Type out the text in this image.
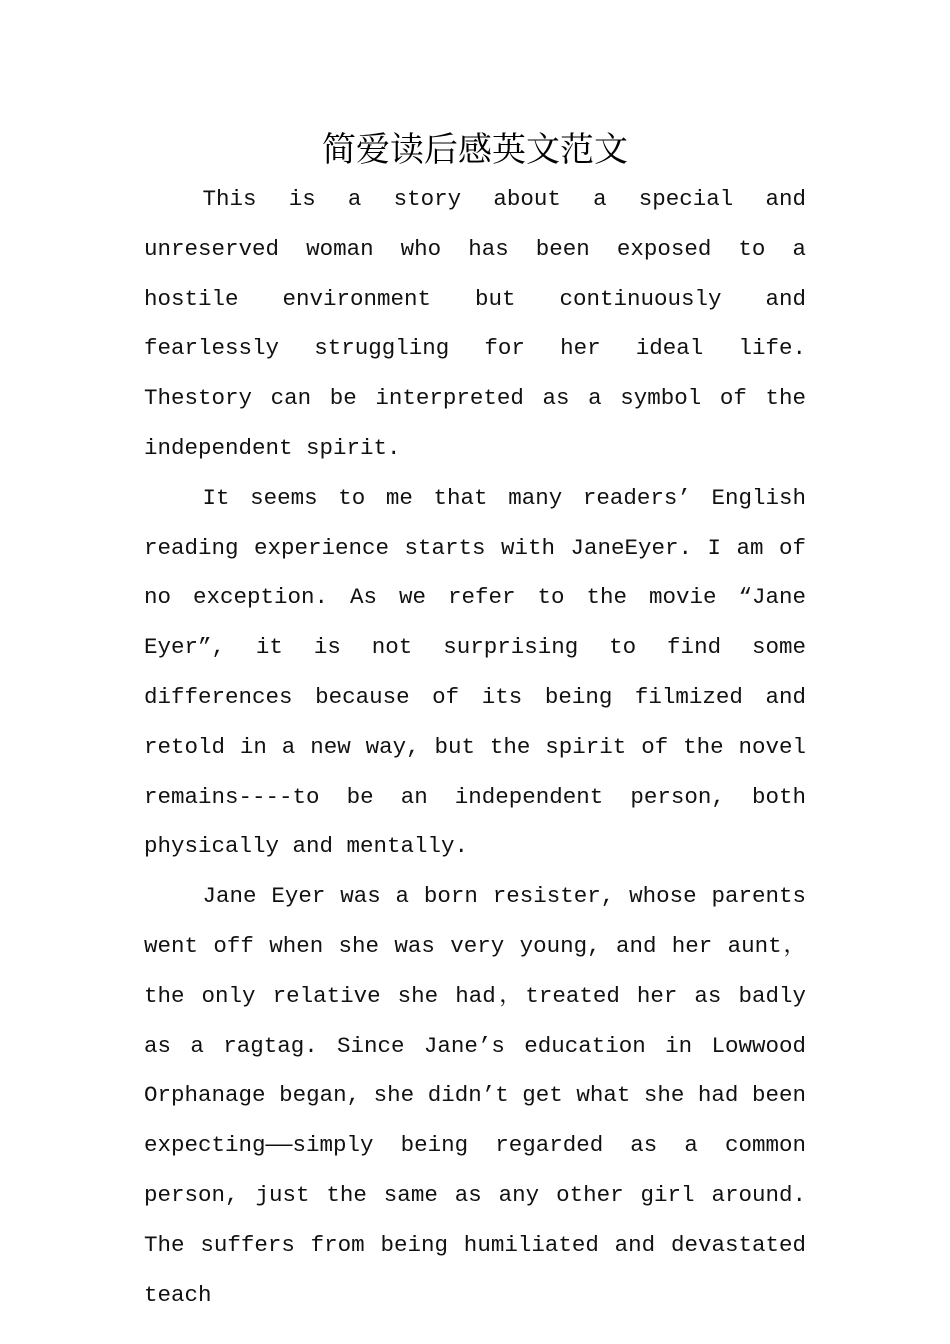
简爱读后感英文范文

This is a story about a special and unreserved woman who has been exposed to a hostile environment but continuously and fearlessly struggling for her ideal life. Thestory can be interpreted as a symbol of the independent spirit.

It seems to me that many readers’ English reading experience starts with JaneEyer. I am of no exception. As we refer to the movie “Jane Eyer”, it is not surprising to find some differences because of its being filmized and retold in a new way, but the spirit of the novel remains----to be an independent person, both physically and mentally.

Jane Eyer was a born resister, whose parents went off when she was very young, and her aunt，the only relative she had，treated her as badly as a ragtag. Since Jane’s education in Lowwood Orphanage began, she didn’t get what she had been expecting——simply being regarded as a common person, just the same as any other girl around. The suffers from being humiliated and devastated teach
